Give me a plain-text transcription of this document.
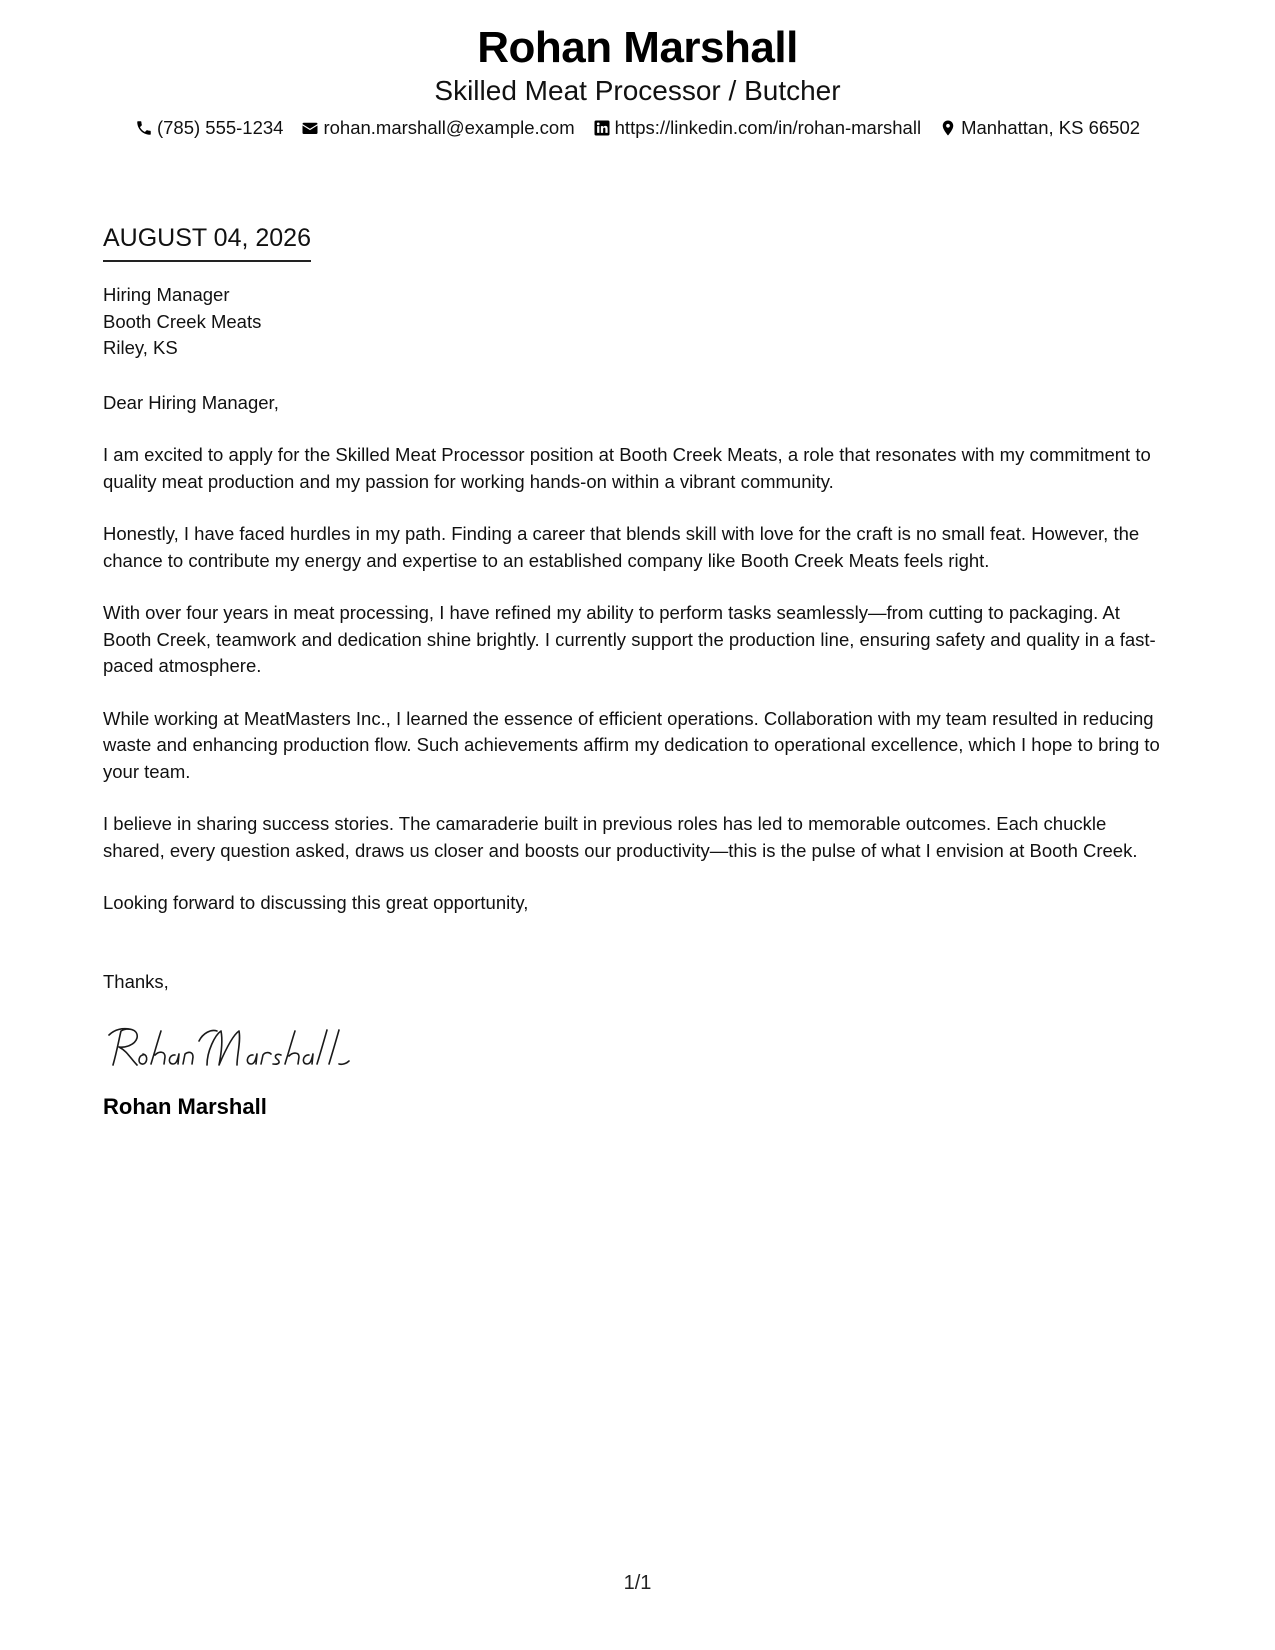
Rohan Marshall
Skilled Meat Processor / Butcher
(785) 555-1234 rohan.marshall@example.com https://linkedin.com/in/rohan-marshall Manhattan, KS 66502
AUGUST 04, 2026
Hiring Manager
Booth Creek Meats
Riley, KS

Dear Hiring Manager,

I am excited to apply for the Skilled Meat Processor position at Booth Creek Meats, a role that resonates with my commitment to quality meat production and my passion for working hands-on within a vibrant community.

Honestly, I have faced hurdles in my path. Finding a career that blends skill with love for the craft is no small feat. However, the chance to contribute my energy and expertise to an established company like Booth Creek Meats feels right.

With over four years in meat processing, I have refined my ability to perform tasks seamlessly—from cutting to packaging. At Booth Creek, teamwork and dedication shine brightly. I currently support the production line, ensuring safety and quality in a fast-paced atmosphere.

While working at MeatMasters Inc., I learned the essence of efficient operations. Collaboration with my team resulted in reducing waste and enhancing production flow. Such achievements affirm my dedication to operational excellence, which I hope to bring to your team.

I believe in sharing success stories. The camaraderie built in previous roles has led to memorable outcomes. Each chuckle shared, every question asked, draws us closer and boosts our productivity—this is the pulse of what I envision at Booth Creek.

Looking forward to discussing this great opportunity,

Thanks,

Rohan Marshall
1/1
